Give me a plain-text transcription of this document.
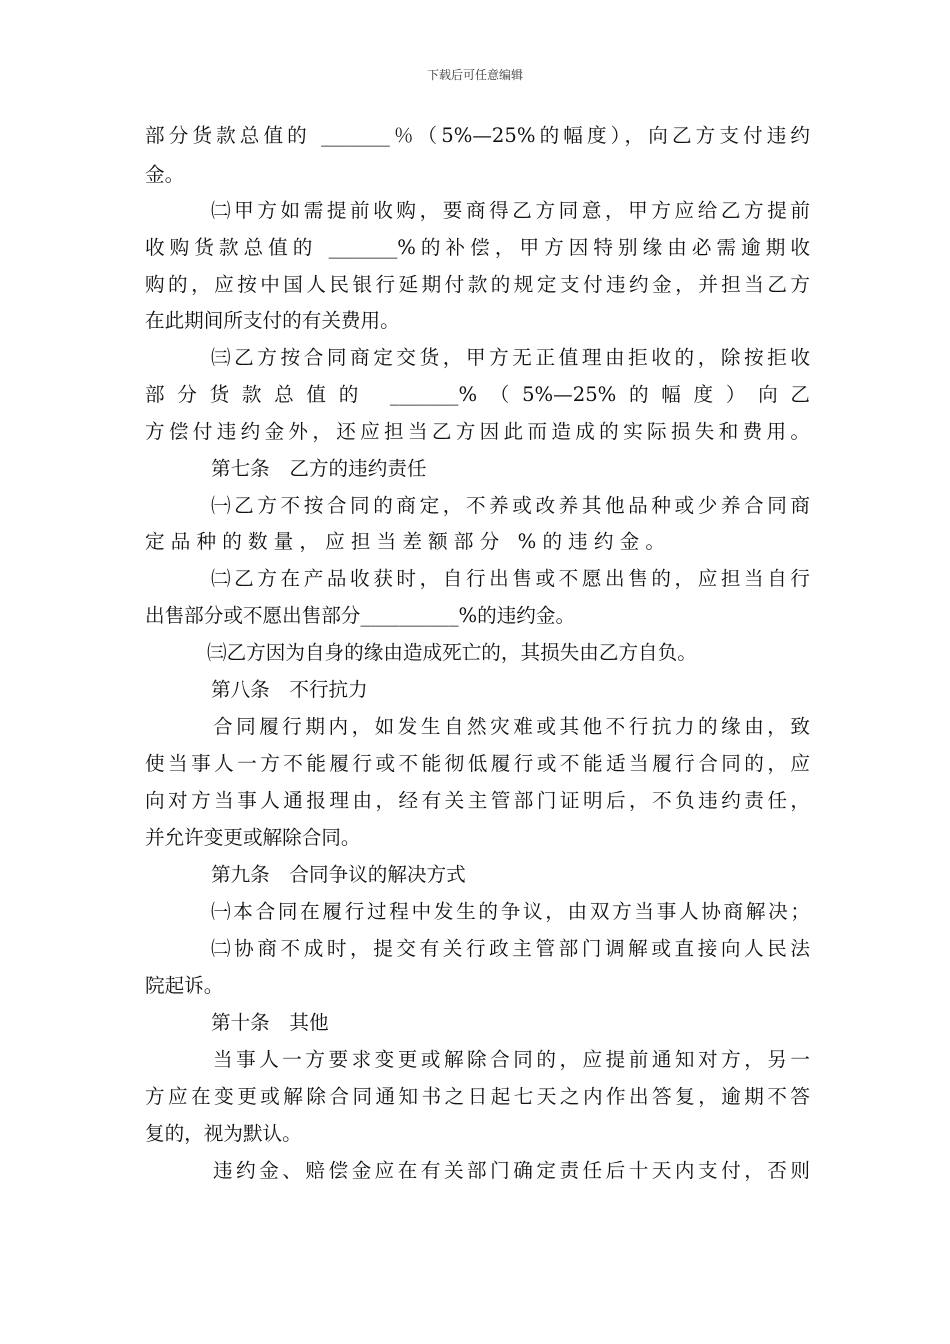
下载后可任意编辑
部分货款总值的 _______％（5%—25%的幅度），向乙方支付违约
金。
㈡甲方如需提前收购，要商得乙方同意，甲方应给乙方提前
收购货款总值的 _______%的补偿，甲方因特别缘由必需逾期收
购的，应按中国人民银行延期付款的规定支付违约金，并担当乙方
在此期间所支付的有关费用。
㈢乙方按合同商定交货，甲方无正值理由拒收的，除按拒收
部分货款总值的 _______%（5%—25%的幅度）向乙
方偿付违约金外，还应担当乙方因此而造成的实际损失和费用。
第七条　乙方的违约责任
㈠乙方不按合同的商定，不养或改养其他品种或少养合同商
定品种的数量，应担当差额部分 %的违约金。
㈡乙方在产品收获时，自行出售或不愿出售的，应担当自行
出售部分或不愿出售部分__________%的违约金。
㈢乙方因为自身的缘由造成死亡的，其损失由乙方自负。
第八条　不行抗力
合同履行期内，如发生自然灾难或其他不行抗力的缘由，致
使当事人一方不能履行或不能彻低履行或不能适当履行合同的，应
向对方当事人通报理由，经有关主管部门证明后，不负违约责任，
并允许变更或解除合同。
第九条　合同争议的解决方式
㈠本合同在履行过程中发生的争议，由双方当事人协商解决；
㈡协商不成时，提交有关行政主管部门调解或直接向人民法
院起诉。
第十条　其他
当事人一方要求变更或解除合同的，应提前通知对方，另一
方应在变更或解除合同通知书之日起七天之内作出答复，逾期不答
复的，视为默认。
违约金、赔偿金应在有关部门确定责任后十天内支付，否则
